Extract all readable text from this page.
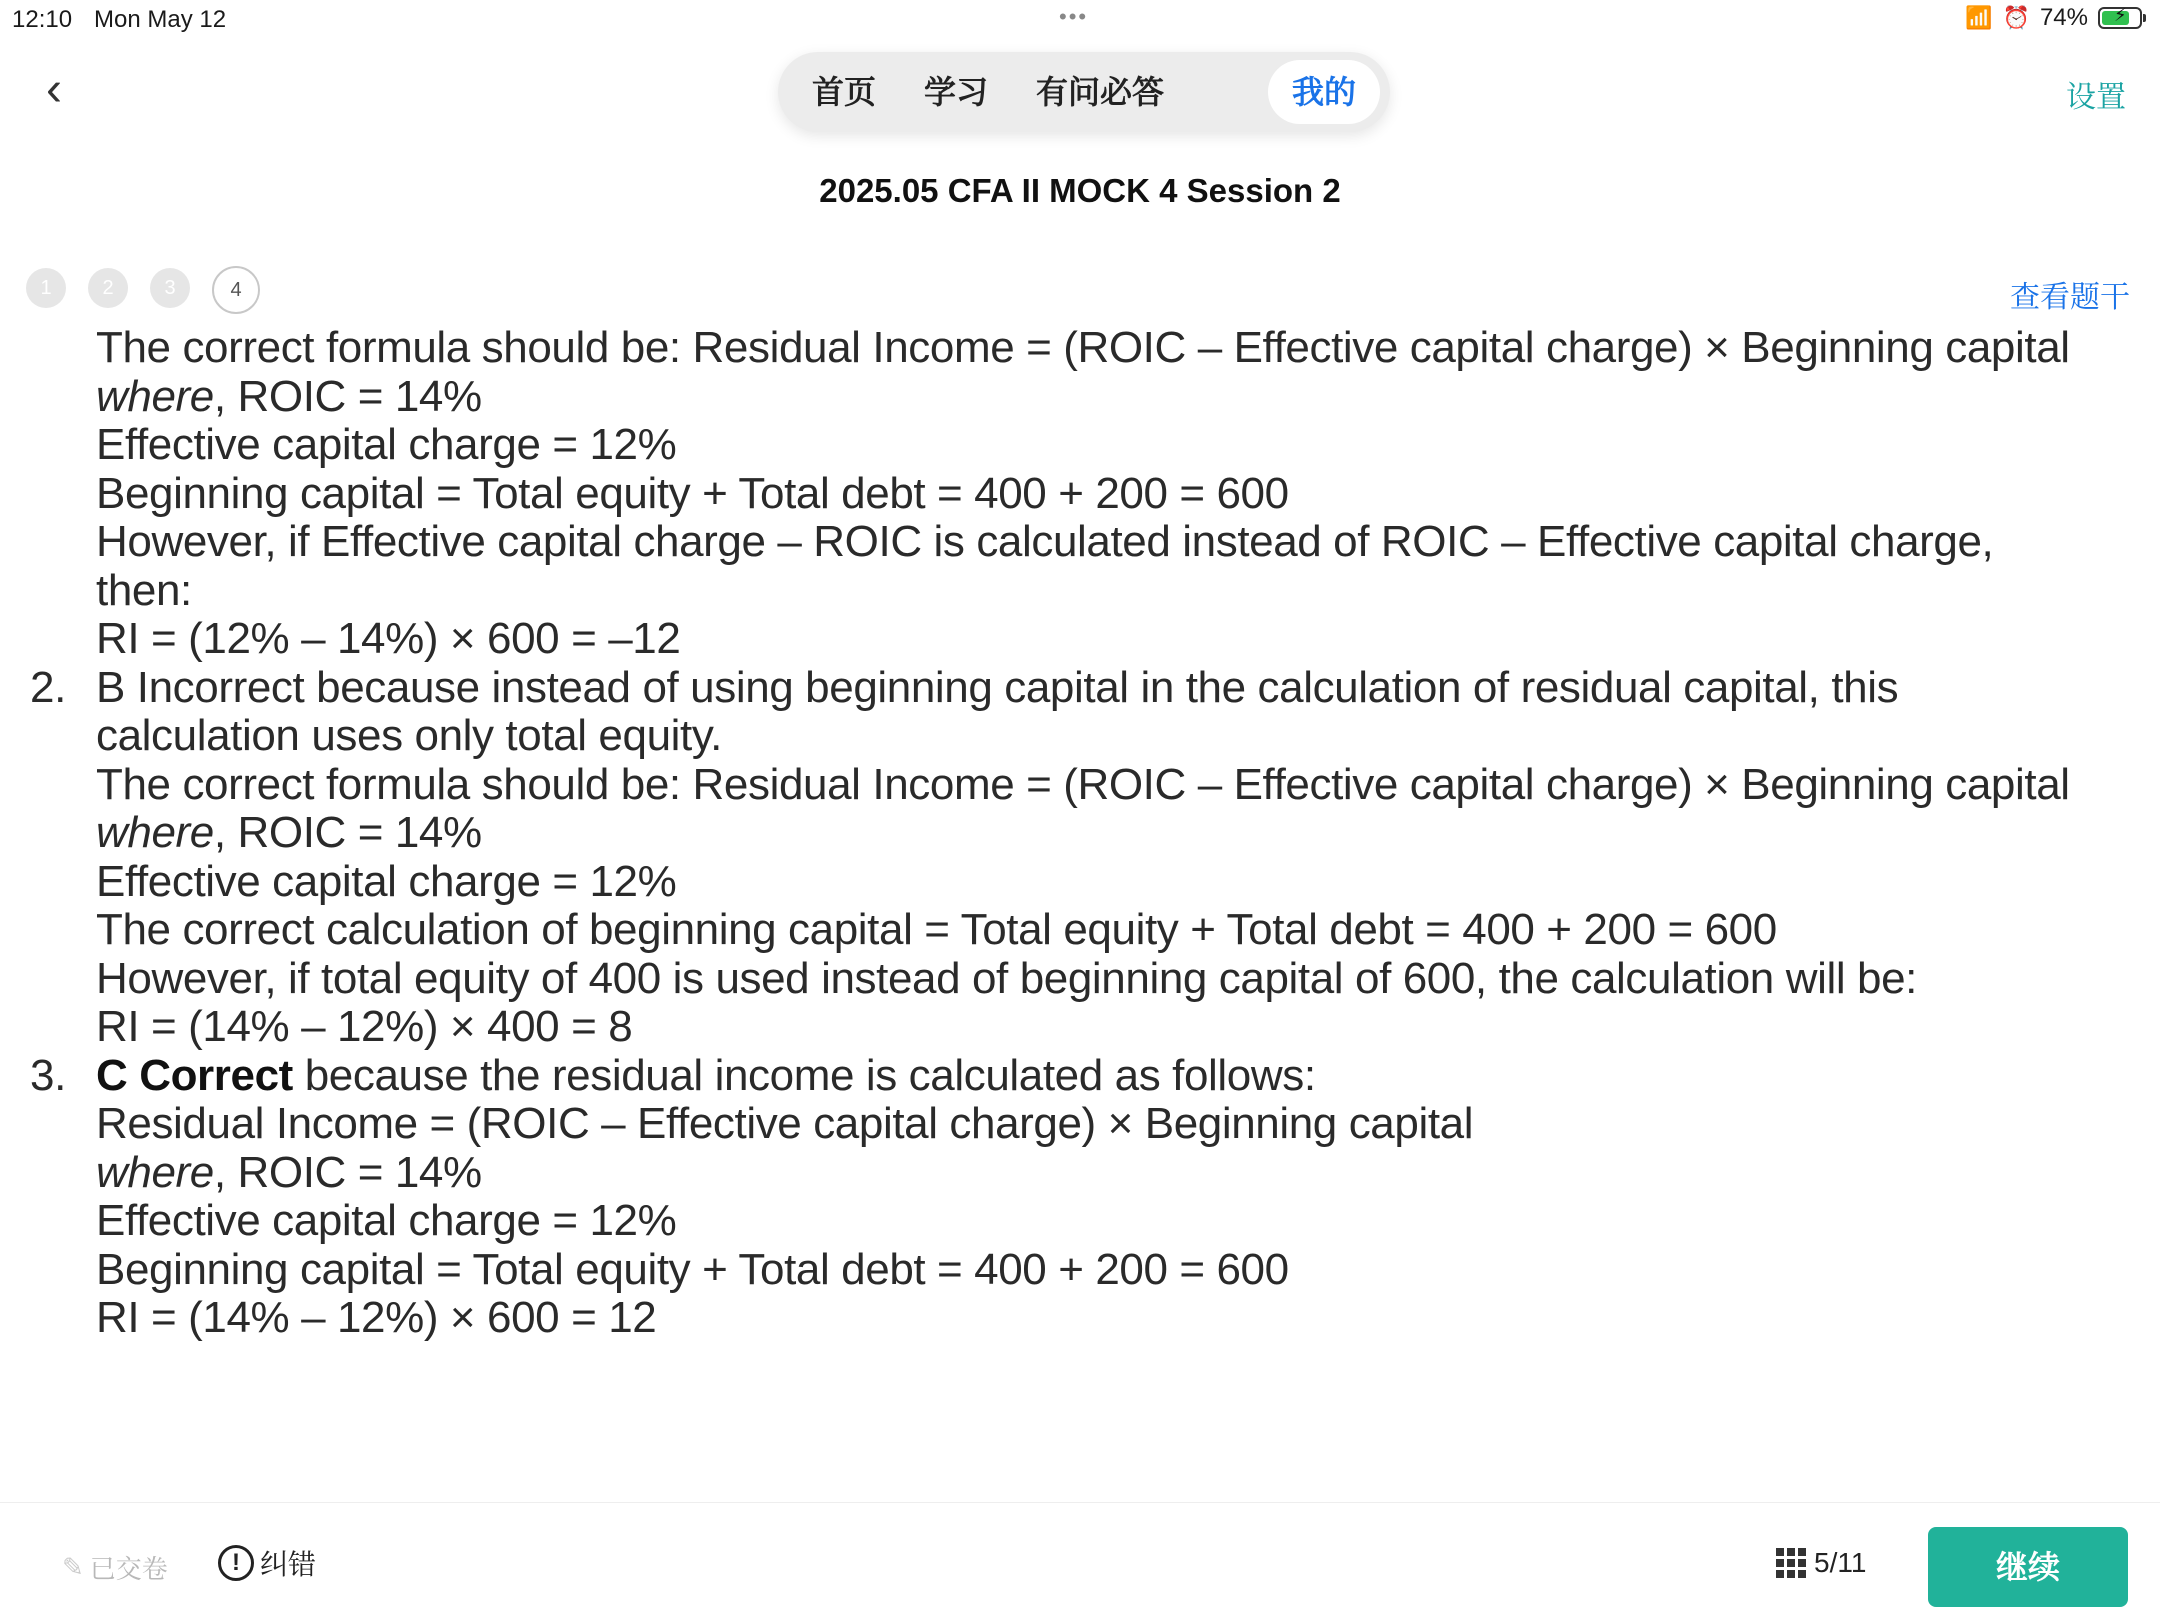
12:10 Mon May 12	•••	📶 ⏰ 74% ⚡
‹	首页	学习	有问必答	我的	设置
2025.05 CFA II MOCK 4 Session 2
1	2	3	4	查看题干
The correct formula should be: Residual Income = (ROIC – Effective capital charge) × Beginning capital
where, ROIC = 14%
Effective capital charge = 12%
Beginning capital = Total equity + Total debt = 400 + 200 = 600
However, if Effective capital charge – ROIC is calculated instead of ROIC – Effective capital charge,
then:
RI = (12% – 14%) × 600 = –12
2. B Incorrect because instead of using beginning capital in the calculation of residual capital, this
calculation uses only total equity.
The correct formula should be: Residual Income = (ROIC – Effective capital charge) × Beginning capital
where, ROIC = 14%
Effective capital charge = 12%
The correct calculation of beginning capital = Total equity + Total debt = 400 + 200 = 600
However, if total equity of 400 is used instead of beginning capital of 600, the calculation will be:
RI = (14% – 12%) × 400 = 8
3. C Correct because the residual income is calculated as follows:
Residual Income = (ROIC – Effective capital charge) × Beginning capital
where, ROIC = 14%
Effective capital charge = 12%
Beginning capital = Total equity + Total debt = 400 + 200 = 600
RI = (14% – 12%) × 600 = 12
✎ 已交卷	! 纠错	5/11	继续
